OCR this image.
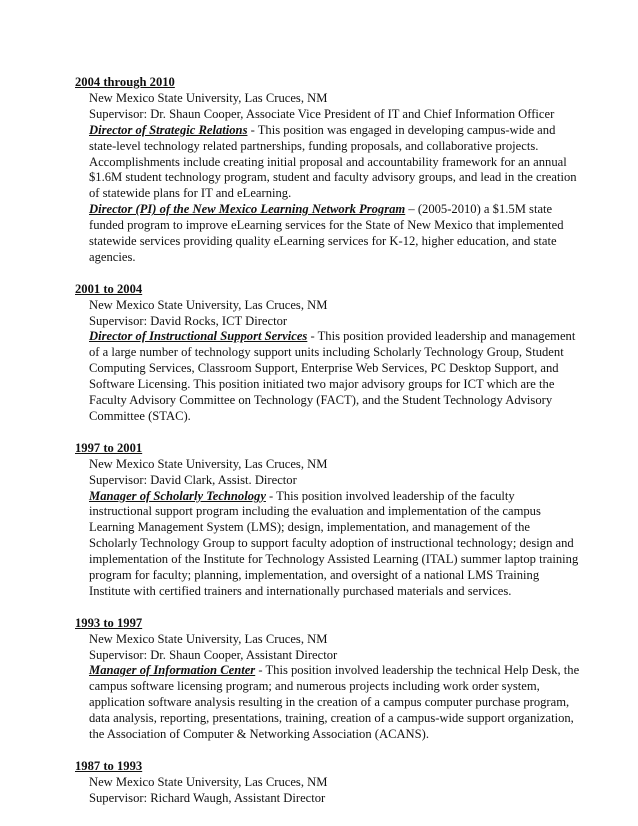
2004 through 2010
New Mexico State University, Las Cruces, NM
Supervisor: Dr. Shaun Cooper, Associate Vice President of IT and Chief Information Officer
Director of Strategic Relations - This position was engaged in developing campus-wide and
state-level technology related partnerships, funding proposals, and collaborative projects.
Accomplishments include creating initial proposal and accountability framework for an annual
$1.6M student technology program, student and faculty advisory groups, and lead in the creation
of statewide plans for IT and eLearning.
Director (PI) of the New Mexico Learning Network Program – (2005-2010) a $1.5M state
funded program to improve eLearning services for the State of New Mexico that implemented
statewide services providing quality eLearning services for K-12, higher education, and state
agencies.
2001 to 2004
New Mexico State University, Las Cruces, NM
Supervisor: David Rocks, ICT Director
Director of Instructional Support Services - This position provided leadership and management
of a large number of technology support units including Scholarly Technology Group, Student
Computing Services, Classroom Support, Enterprise Web Services, PC Desktop Support, and
Software Licensing. This position initiated two major advisory groups for ICT which are the
Faculty Advisory Committee on Technology (FACT), and the Student Technology Advisory
Committee (STAC).
1997 to 2001
New Mexico State University, Las Cruces, NM
Supervisor: David Clark, Assist. Director
Manager of Scholarly Technology - This position involved leadership of the faculty
instructional support program including the evaluation and implementation of the campus
Learning Management System (LMS); design, implementation, and management of the
Scholarly Technology Group to support faculty adoption of instructional technology; design and
implementation of the Institute for Technology Assisted Learning (ITAL) summer laptop training
program for faculty; planning, implementation, and oversight of a national LMS Training
Institute with certified trainers and internationally purchased materials and services.
1993 to 1997
New Mexico State University, Las Cruces, NM
Supervisor: Dr. Shaun Cooper, Assistant Director
Manager of Information Center - This position involved leadership the technical Help Desk, the
campus software licensing program; and numerous projects including work order system,
application software analysis resulting in the creation of a campus computer purchase program,
data analysis, reporting, presentations, training, creation of a campus-wide support organization,
the Association of Computer & Networking Association (ACANS).
1987 to 1993
New Mexico State University, Las Cruces, NM
Supervisor: Richard Waugh, Assistant Director
